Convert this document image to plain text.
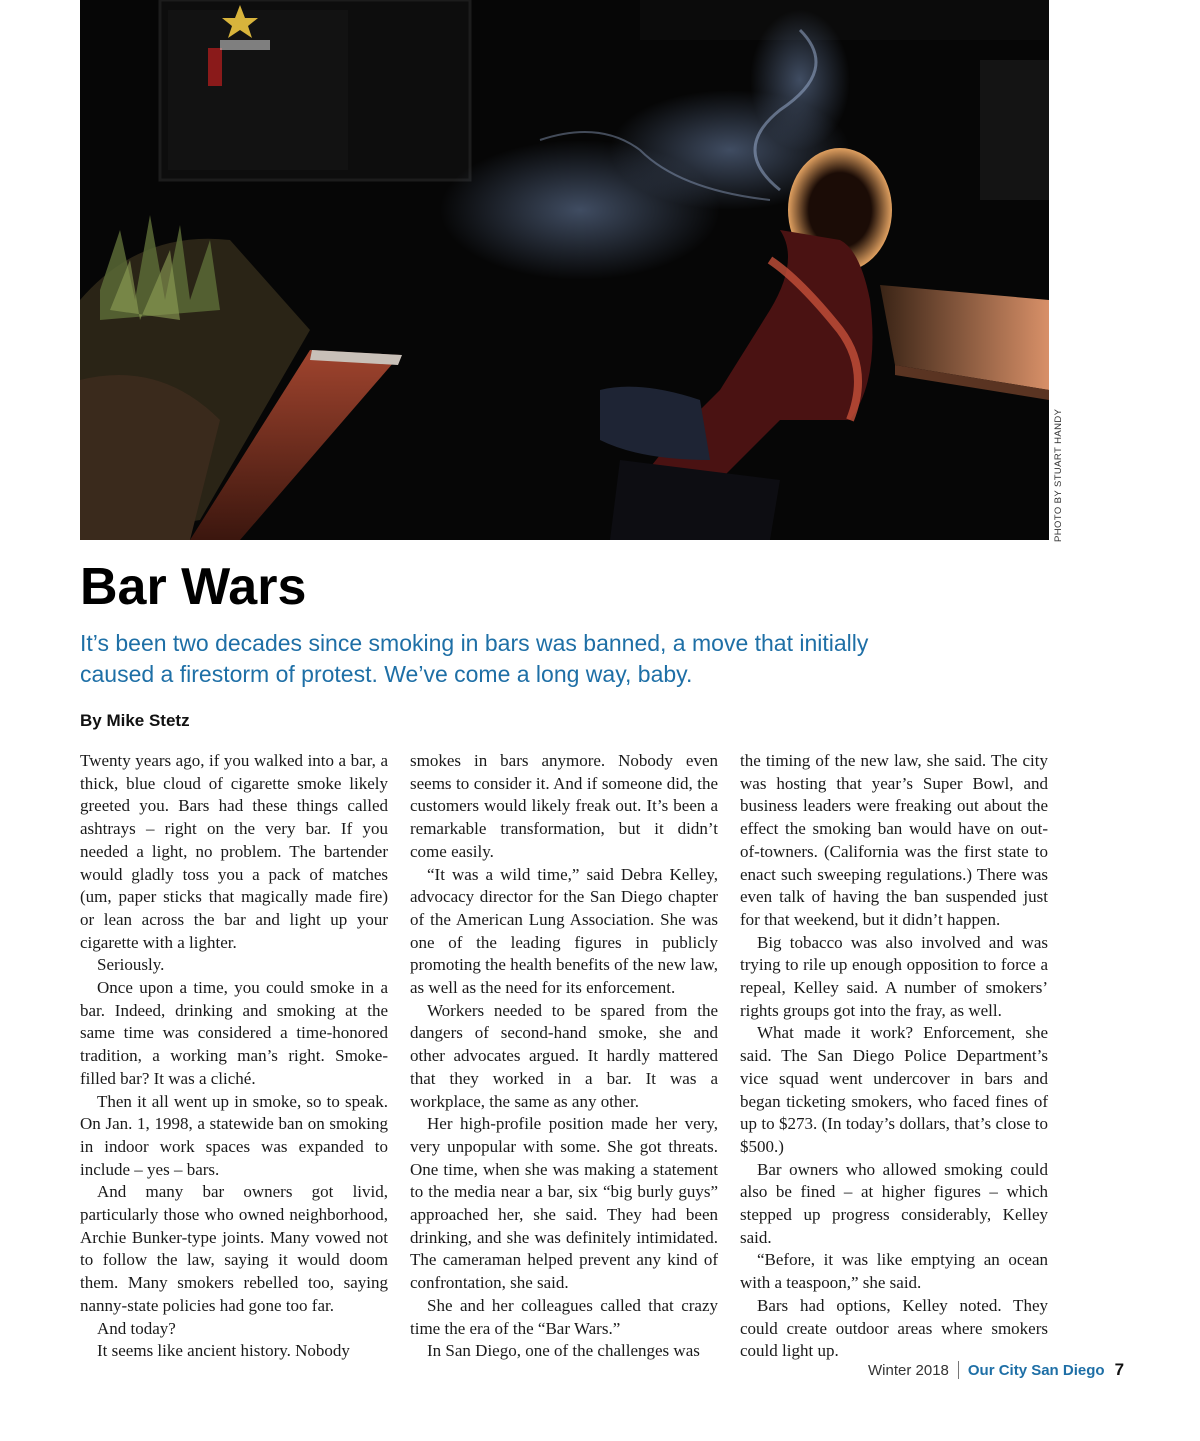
PHOTO BY STUART HANDY
Bar Wars

It’s been two decades since smoking in bars was banned, a move that initially caused a firestorm of protest. We’ve come a long way, baby.

By Mike Stetz

Twenty years ago, if you walked into a bar, a thick, blue cloud of cigarette smoke likely greeted you. Bars had these things called ashtrays – right on the very bar. If you needed a light, no problem. The bartender would gladly toss you a pack of matches (um, paper sticks that magically made fire) or lean across the bar and light up your cigarette with a lighter.

Seriously.

Once upon a time, you could smoke in a bar. Indeed, drinking and smoking at the same time was considered a time-honored tradition, a working man’s right. Smoke-filled bar? It was a cliché.

Then it all went up in smoke, so to speak. On Jan. 1, 1998, a statewide ban on smoking in indoor work spaces was expanded to include – yes – bars.

And many bar owners got livid, particularly those who owned neighborhood, Archie Bunker-type joints. Many vowed not to follow the law, saying it would doom them. Many smokers rebelled too, saying nanny-state policies had gone too far.

And today?

It seems like ancient history. Nobody

smokes in bars anymore. Nobody even seems to consider it. And if someone did, the customers would likely freak out. It’s been a remarkable transformation, but it didn’t come easily.

“It was a wild time,” said Debra Kelley, advocacy director for the San Diego chapter of the American Lung Association. She was one of the leading figures in publicly promoting the health benefits of the new law, as well as the need for its enforcement.

Workers needed to be spared from the dangers of second-hand smoke, she and other advocates argued. It hardly mattered that they worked in a bar. It was a workplace, the same as any other.

Her high-profile position made her very, very unpopular with some. She got threats. One time, when she was making a statement to the media near a bar, six “big burly guys” approached her, she said. They had been drinking, and she was definitely intimidated. The cameraman helped prevent any kind of confrontation, she said.

She and her colleagues called that crazy time the era of the “Bar Wars.”

In San Diego, one of the challenges was

the timing of the new law, she said. The city was hosting that year’s Super Bowl, and business leaders were freaking out about the effect the smoking ban would have on out-of-towners. (California was the first state to enact such sweeping regulations.) There was even talk of having the ban suspended just for that weekend, but it didn’t happen.

Big tobacco was also involved and was trying to rile up enough opposition to force a repeal, Kelley said. A number of smokers’ rights groups got into the fray, as well.

What made it work? Enforcement, she said. The San Diego Police Department’s vice squad went undercover in bars and began ticketing smokers, who faced fines of up to $273. (In today’s dollars, that’s close to $500.)

Bar owners who allowed smoking could also be fined – at higher figures – which stepped up progress considerably, Kelley said.

“Before, it was like emptying an ocean with a teaspoon,” she said.

Bars had options, Kelley noted. They could create outdoor areas where smokers could light up.

Winter 2018 Our City San Diego 7
